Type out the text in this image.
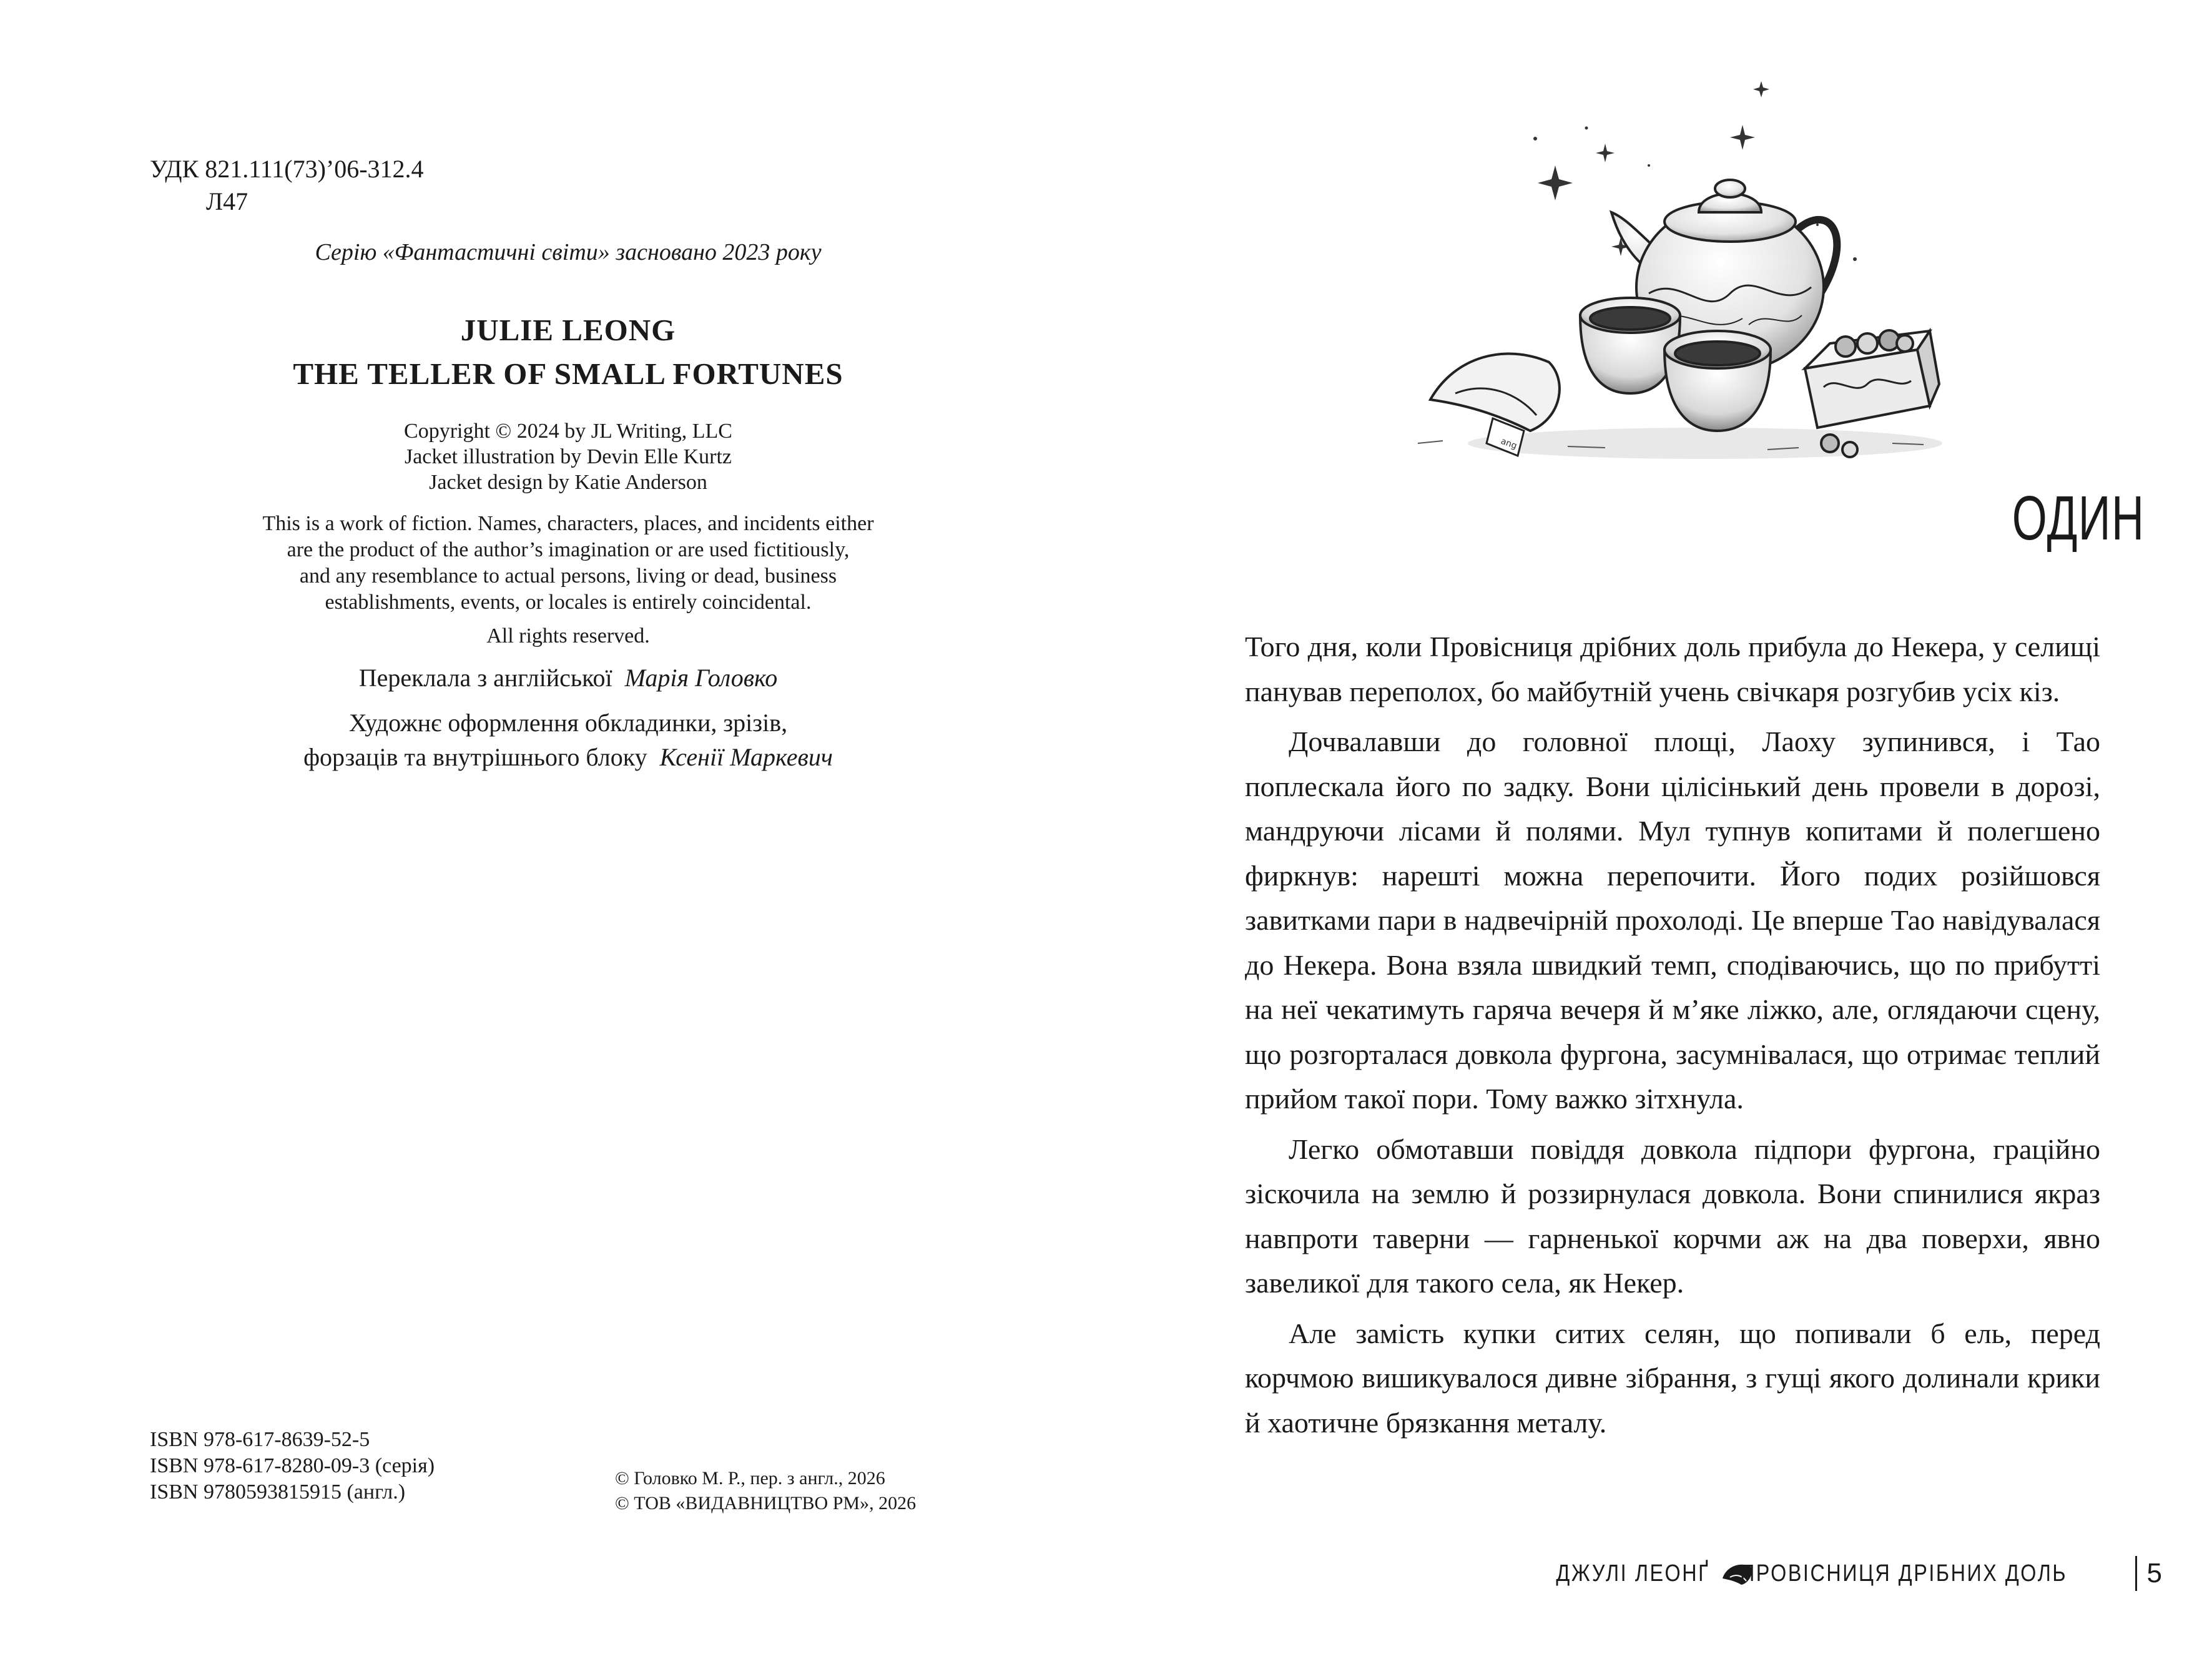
УДК 821.111(73)’06-312.4
Л47
Серію «Фантастичні світи» засновано 2023 року
JULIE LEONG
THE TELLER OF SMALL FORTUNES
Copyright © 2024 by JL Writing, LLC
Jacket illustration by Devin Elle Kurtz
Jacket design by Katie Anderson
This is a work of fiction. Names, characters, places, and incidents either
are the product of the author’s imagination or are used fictitiously,
and any resemblance to actual persons, living or dead, business
establishments, events, or locales is entirely coincidental.
All rights reserved.
Переклала з англійської Марія Головко
Художнє оформлення обкладинки, зрізів,
форзаців та внутрішнього блоку Ксенії Маркевич
ISBN 978-617-8639-52-5
ISBN 978-617-8280-09-3 (серія)
ISBN 9780593815915 (англ.)
© Головко М. Р., пер. з англ., 2026
© ТОВ «ВИДАВНИЦТВО РМ», 2026
ang
ОДИН

Того дня, коли Провісниця дрібних доль прибула до Некера, у селищі панував переполох, бо майбутній учень свічкаря розгубив усіх кіз.

Дочвалавши до головної площі, Лаоху зупинився, і Тао поплескала його по задку. Вони цілісінький день провели в дорозі, мандруючи лісами й полями. Мул тупнув копитами й полегшено фиркнув: нарешті можна перепочити. Його подих розійшовся завитками пари в надвечірній прохолоді. Це вперше Тао навідувалася до Некера. Вона взяла швидкий темп, сподіваючись, що по прибутті на неї чекатимуть гаряча вечеря й м’яке ліжко, але, оглядаючи сцену, що розгорталася довкола фургона, засумнівалася, що отримає теплий прийом такої пори. Тому важко зітхнула.

Легко обмотавши повіддя довкола підпори фургона, граційно зіскочила на землю й роззирнулася довкола. Вони спинилися якраз навпроти таверни — гарненької корчми аж на два поверхи, явно завеликої для такого села, як Некер.

Але замість купки ситих селян, що попивали б ель, перед корчмою вишикувалося дивне зібрання, з гущі якого долинали крики й хаотичне брязкання металу.

ДЖУЛІ ЛЕОНҐ ПРОВІСНИЦЯ ДРІБНИХ ДОЛЬ	5
